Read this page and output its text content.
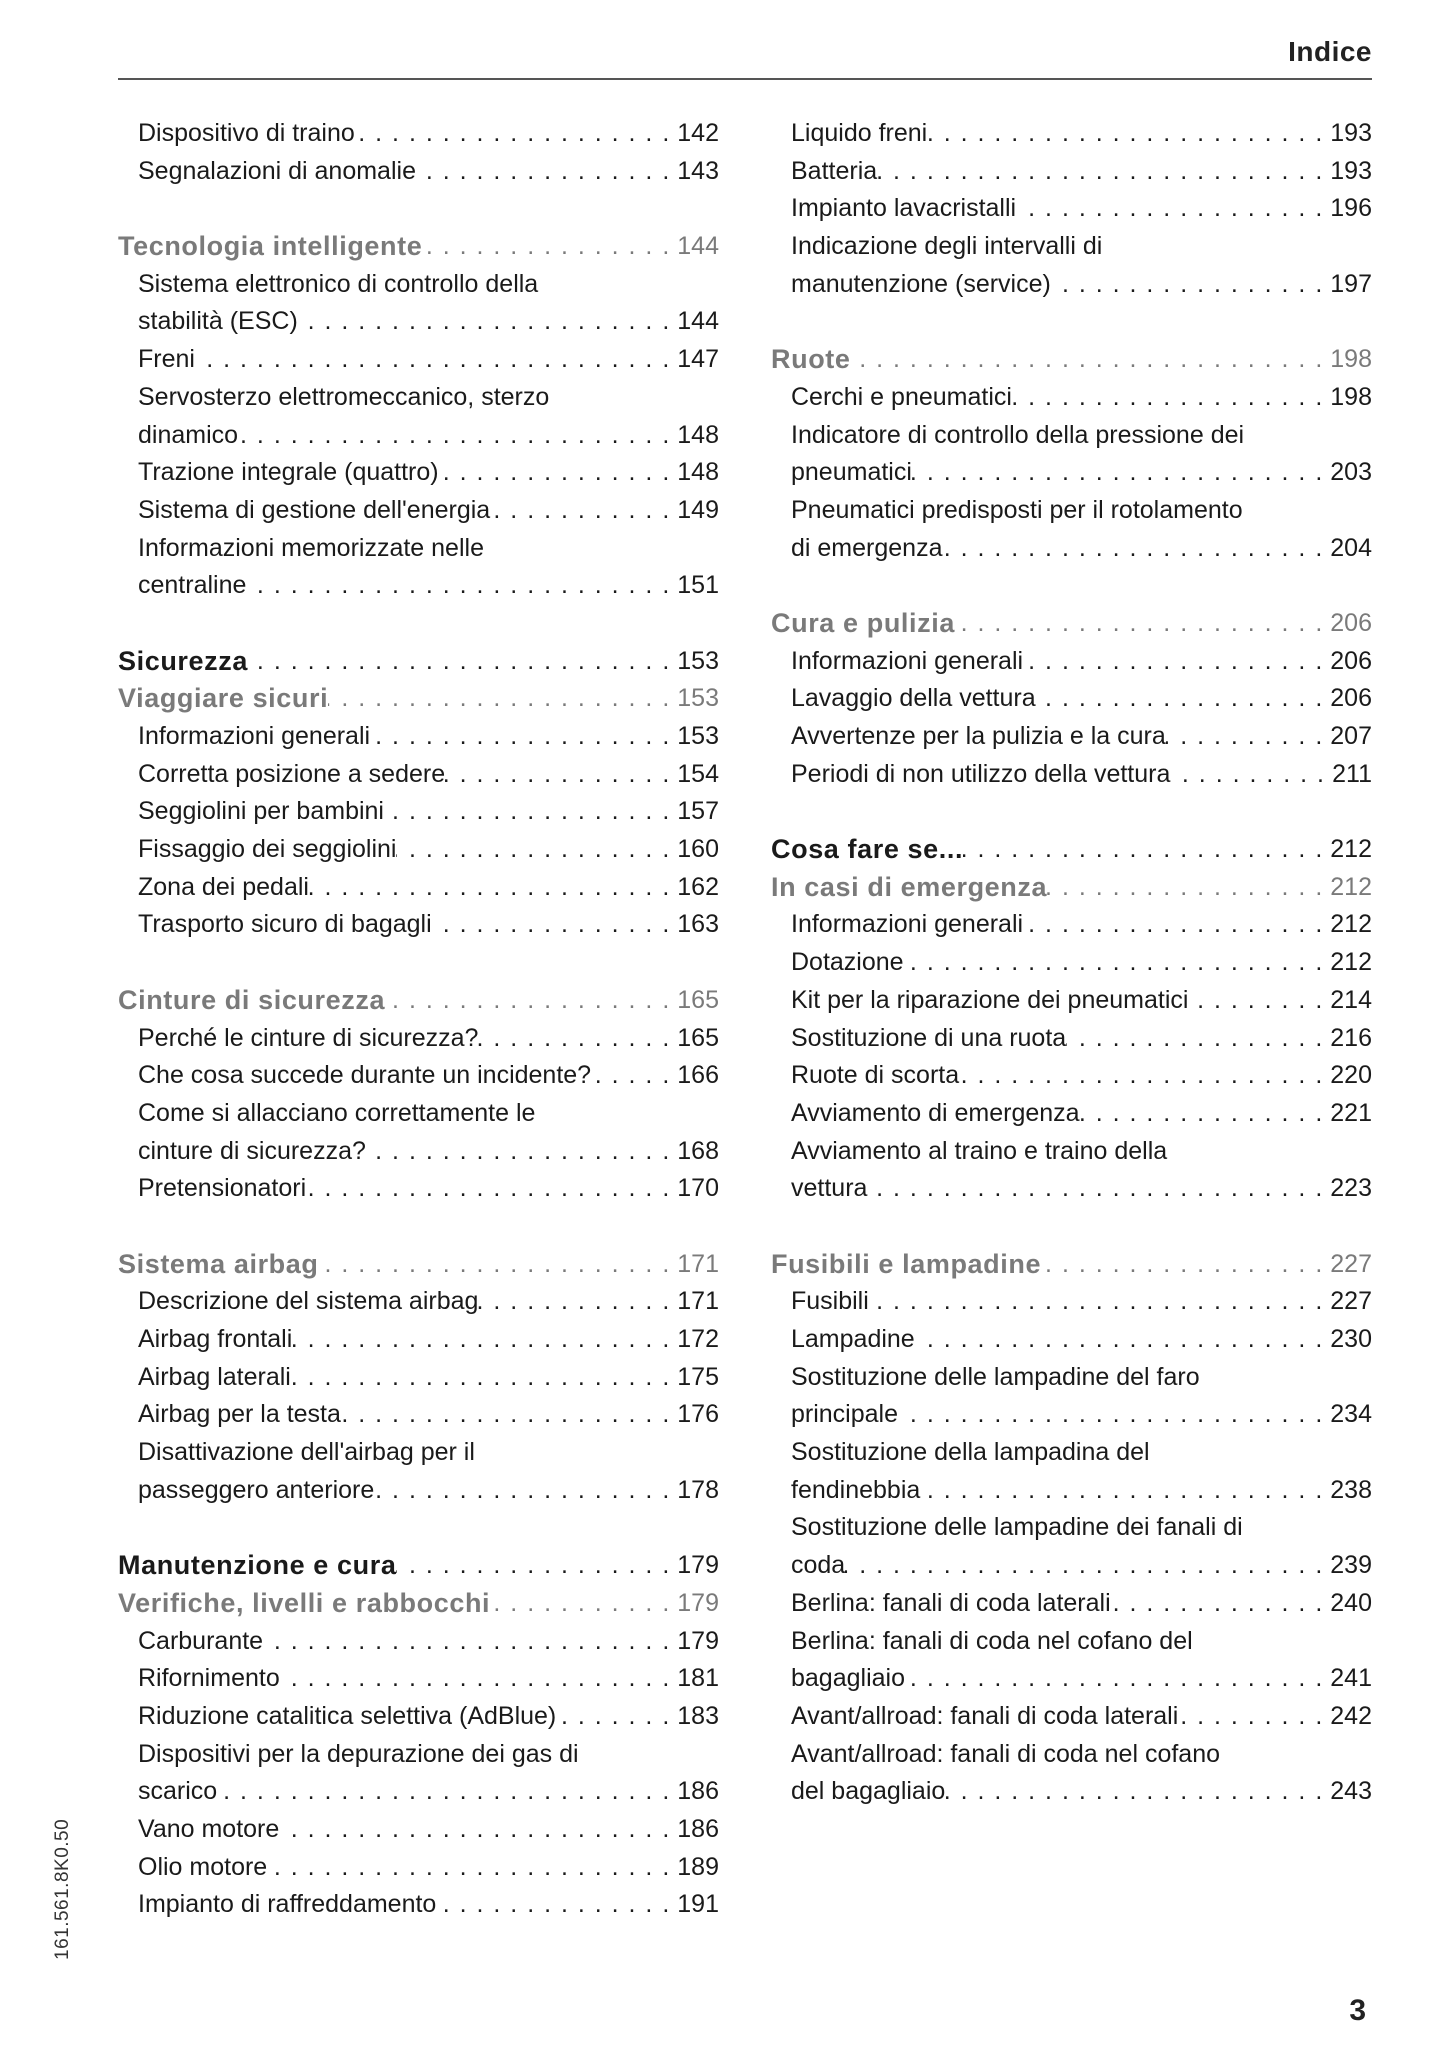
Indice
Dispositivo di traino . . .	142
Segnalazioni di anomalie . . .	143
Tecnologia intelligente . . .	144
Sistema elettronico di controllo della
stabilità (ESC) . . .	144
Freni . . .	147
Servosterzo elettromeccanico, sterzo
dinamico . . .	148
Trazione integrale (quattro) . . .	148
Sistema di gestione dell'energia . . .	149
Informazioni memorizzate nelle
centraline . . .	151
Sicurezza . . .	153
Viaggiare sicuri . . .	153
Informazioni generali . . .	153
Corretta posizione a sedere . . .	154
Seggiolini per bambini . . .	157
Fissaggio dei seggiolini . . .	160
Zona dei pedali . . .	162
Trasporto sicuro di bagagli . . .	163
Cinture di sicurezza . . .	165
Perché le cinture di sicurezza? . . .	165
Che cosa succede durante un incidente? . . .	166
Come si allacciano correttamente le
cinture di sicurezza? . . .	168
Pretensionatori . . .	170
Sistema airbag . . .	171
Descrizione del sistema airbag . . .	171
Airbag frontali . . .	172
Airbag laterali . . .	175
Airbag per la testa . . .	176
Disattivazione dell'airbag per il
passeggero anteriore . . .	178
Manutenzione e cura . . .	179
Verifiche, livelli e rabbocchi . . .	179
Carburante . . .	179
Rifornimento . . .	181
Riduzione catalitica selettiva (AdBlue) . . .	183
Dispositivi per la depurazione dei gas di
scarico . . .	186
Vano motore . . .	186
Olio motore . . .	189
Impianto di raffreddamento . . .	191
Liquido freni . . .	193
Batteria . . .	193
Impianto lavacristalli . . .	196
Indicazione degli intervalli di
manutenzione (service) . . .	197
Ruote . . .	198
Cerchi e pneumatici . . .	198
Indicatore di controllo della pressione dei
pneumatici . . .	203
Pneumatici predisposti per il rotolamento
di emergenza . . .	204
Cura e pulizia . . .	206
Informazioni generali . . .	206
Lavaggio della vettura . . .	206
Avvertenze per la pulizia e la cura . . .	207
Periodi di non utilizzo della vettura . . .	211
Cosa fare se... . . .	212
In casi di emergenza . . .	212
Informazioni generali . . .	212
Dotazione . . .	212
Kit per la riparazione dei pneumatici . . .	214
Sostituzione di una ruota . . .	216
Ruote di scorta . . .	220
Avviamento di emergenza . . .	221
Avviamento al traino e traino della
vettura . . .	223
Fusibili e lampadine . . .	227
Fusibili . . .	227
Lampadine . . .	230
Sostituzione delle lampadine del faro
principale . . .	234
Sostituzione della lampadina del
fendinebbia . . .	238
Sostituzione delle lampadine dei fanali di
coda . . .	239
Berlina: fanali di coda laterali . . .	240
Berlina: fanali di coda nel cofano del
bagagliaio . . .	241
Avant/allroad: fanali di coda laterali . . .	242
Avant/allroad: fanali di coda nel cofano
del bagagliaio . . .	243
161.561.8K0.50
3
